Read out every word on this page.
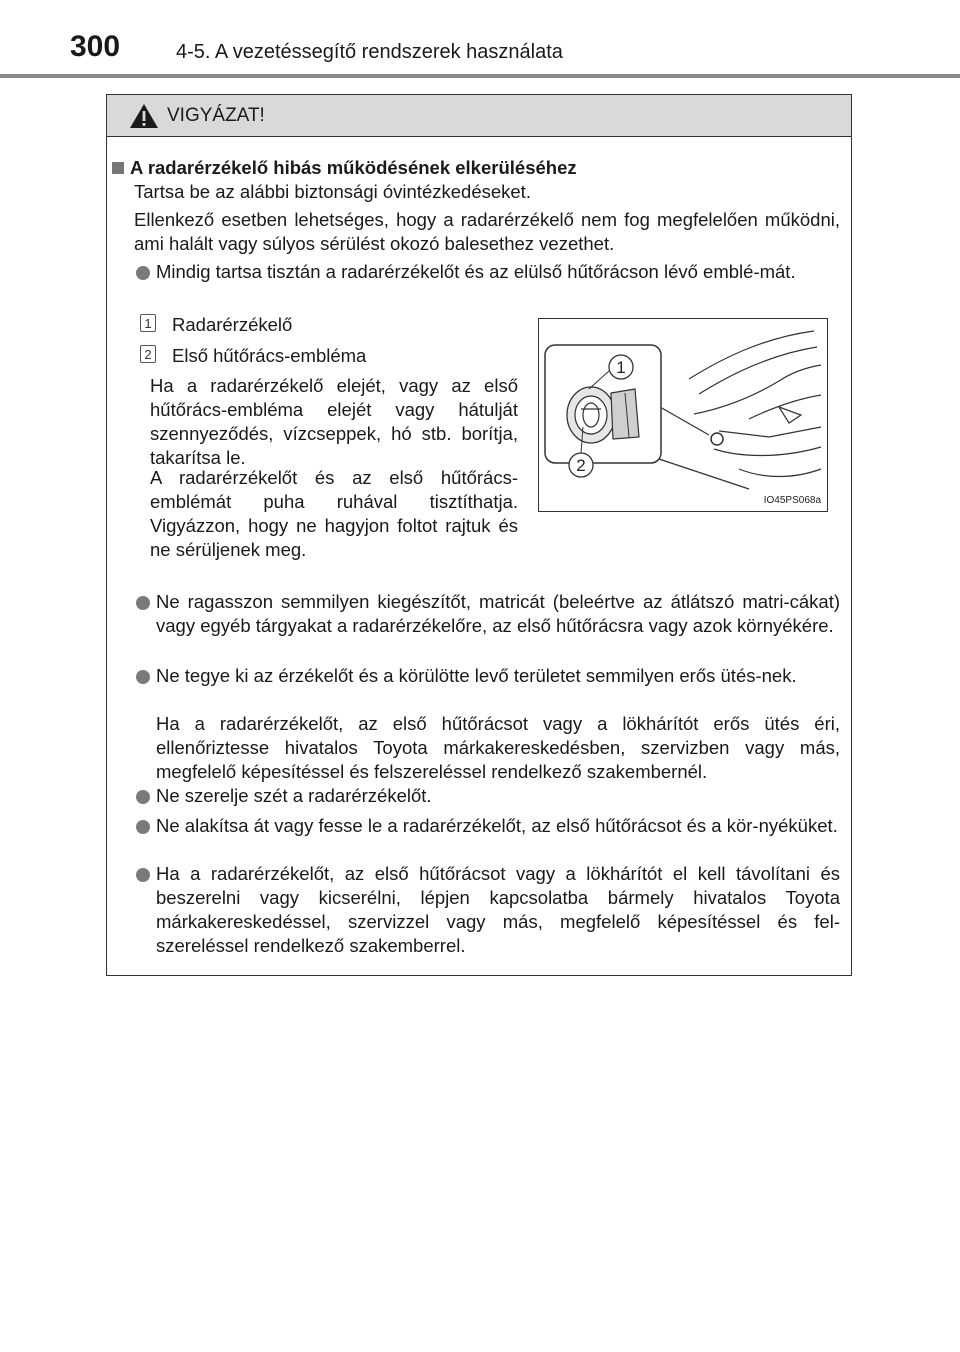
300	4-5. A vezetéssegítő rendszerek használata
VIGYÁZAT!
A radarérzékelő hibás működésének elkerüléséhez
Tartsa be az alábbi biztonsági óvintézkedéseket.
Ellenkező esetben lehetséges, hogy a radarérzékelő nem fog megfelelően működni, ami halált vagy súlyos sérülést okozó balesethez vezethet.
Mindig tartsa tisztán a radarérzékelőt és az elülső hűtőrácson lévő emblé-mát.
1 Radarérzékelő
2 Első hűtőrács-embléma
Ha a radarérzékelő elejét, vagy az első hűtőrács-embléma elejét vagy hátulját szennyeződés, vízcseppek, hó stb. borítja, takarítsa le.
A radarérzékelőt és az első hűtőrács-emblémát puha ruhával tisztíthatja. Vigyázzon, hogy ne hagyjon foltot rajtuk és ne sérüljenek meg.
1
2
IO45PS068a
Ne ragasszon semmilyen kiegészítőt, matricát (beleértve az átlátszó matri-cákat) vagy egyéb tárgyakat a radarérzékelőre, az első hűtőrácsra vagy azok környékére.
Ne tegye ki az érzékelőt és a körülötte levő területet semmilyen erős ütés-nek.
Ha a radarérzékelőt, az első hűtőrácsot vagy a lökhárítót erős ütés éri, ellenőriztesse hivatalos Toyota márkakereskedésben, szervizben vagy más, megfelelő képesítéssel és felszereléssel rendelkező szakembernél.
Ne szerelje szét a radarérzékelőt.
Ne alakítsa át vagy fesse le a radarérzékelőt, az első hűtőrácsot és a kör-nyéküket.
Ha a radarérzékelőt, az első hűtőrácsot vagy a lökhárítót el kell távolítani és beszerelni vagy kicserélni, lépjen kapcsolatba bármely hivatalos Toyota márkakereskedéssel, szervizzel vagy más, megfelelő képesítéssel és fel-szereléssel rendelkező szakemberrel.
